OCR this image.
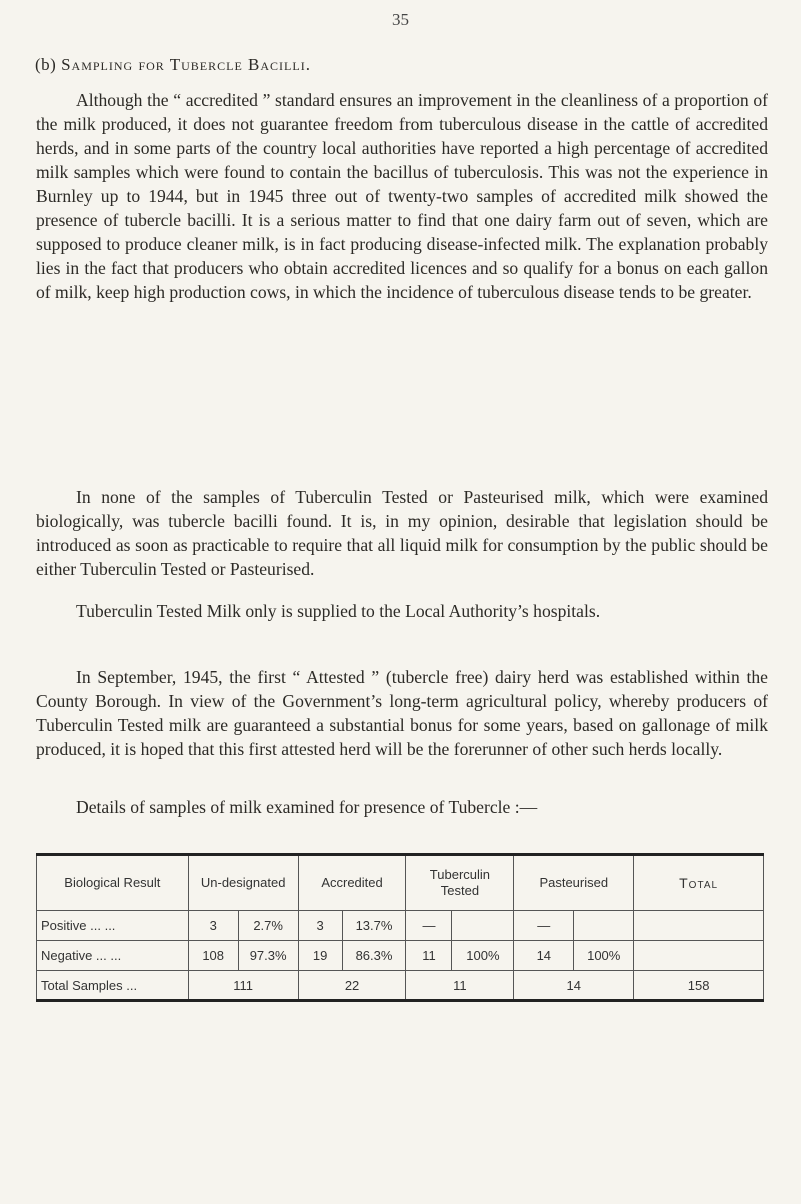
35
(b) Sampling for Tubercle Bacilli.

Although the “ accredited ” standard ensures an improvement in the cleanliness of a proportion of the milk produced, it does not guarantee freedom from tuberculous disease in the cattle of accredited herds, and in some parts of the country local authorities have reported a high percentage of accredited milk samples which were found to contain the bacillus of tuberculosis. This was not the experience in Burnley up to 1944, but in 1945 three out of twenty-two samples of accredited milk showed the presence of tubercle bacilli. It is a serious matter to find that one dairy farm out of seven, which are supposed to produce cleaner milk, is in fact producing disease-infected milk. The explanation probably lies in the fact that producers who obtain accredited licences and so qualify for a bonus on each gallon of milk, keep high production cows, in which the incidence of tuberculous disease tends to be greater.

In none of the samples of Tuberculin Tested or Pasteurised milk, which were examined biologically, was tubercle bacilli found. It is, in my opinion, desirable that legislation should be introduced as soon as practicable to require that all liquid milk for consumption by the public should be either Tuberculin Tested or Pasteurised.

Tuberculin Tested Milk only is supplied to the Local Authority’s hospitals.

In September, 1945, the first “ Attested ” (tubercle free) dairy herd was established within the County Borough. In view of the Government’s long-term agricultural policy, whereby producers of Tuberculin Tested milk are guaranteed a substantial bonus for some years, based on gallonage of milk produced, it is hoped that this first attested herd will be the forerunner of other such herds locally.

Details of samples of milk examined for presence of Tubercle :—

Biological Result	Un-designated		Accredited		Tuberculin Tested		Pasteurised		Total
Positive ... ...	3	2.7%	3	13.7%	—		—		
Negative ... ...	108	97.3%	19	86.3%	11	100%	14	100%	
Total Samples ...	111		22		11		14		158
